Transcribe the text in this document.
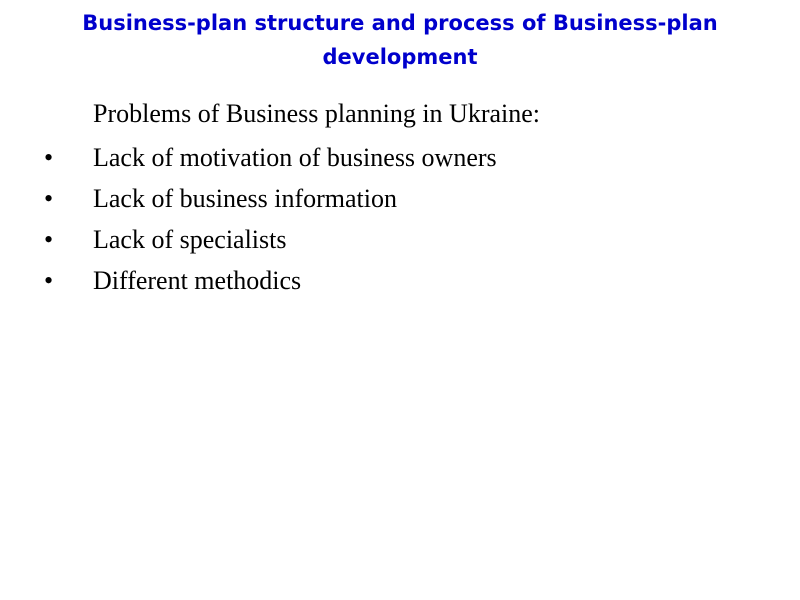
Business-plan structure and process of Business-plan development
Problems of Business planning in Ukraine:
• Lack of motivation of business owners
• Lack of business information
• Lack of specialists
• Different methodics
